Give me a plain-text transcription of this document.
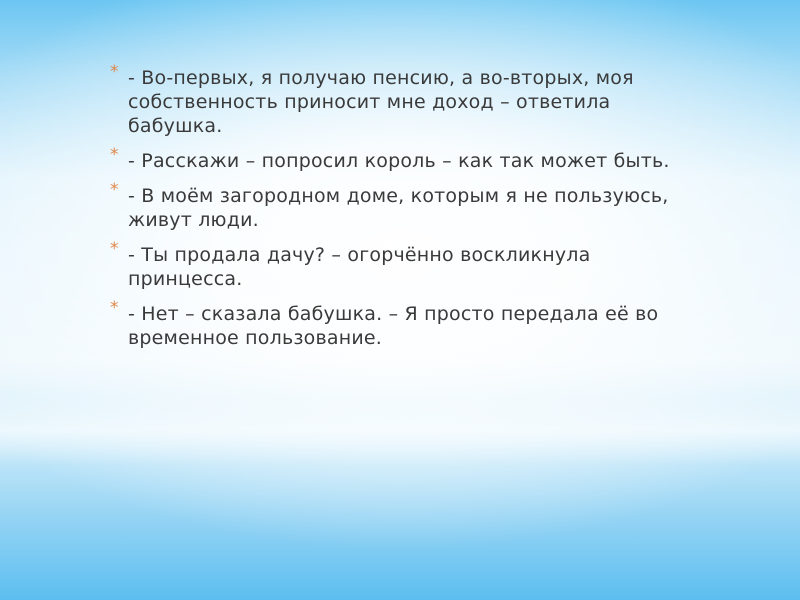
* - Во-первых, я получаю пенсию, а во-вторых, моя собственность приносит мне доход – ответила бабушка.

* - Расскажи – попросил король – как так может быть.

* - В моём загородном доме, которым я не пользуюсь, живут люди.

* - Ты продала дачу? – огорчённо воскликнула принцесса.

* - Нет – сказала бабушка. – Я просто передала её во временное пользование.
